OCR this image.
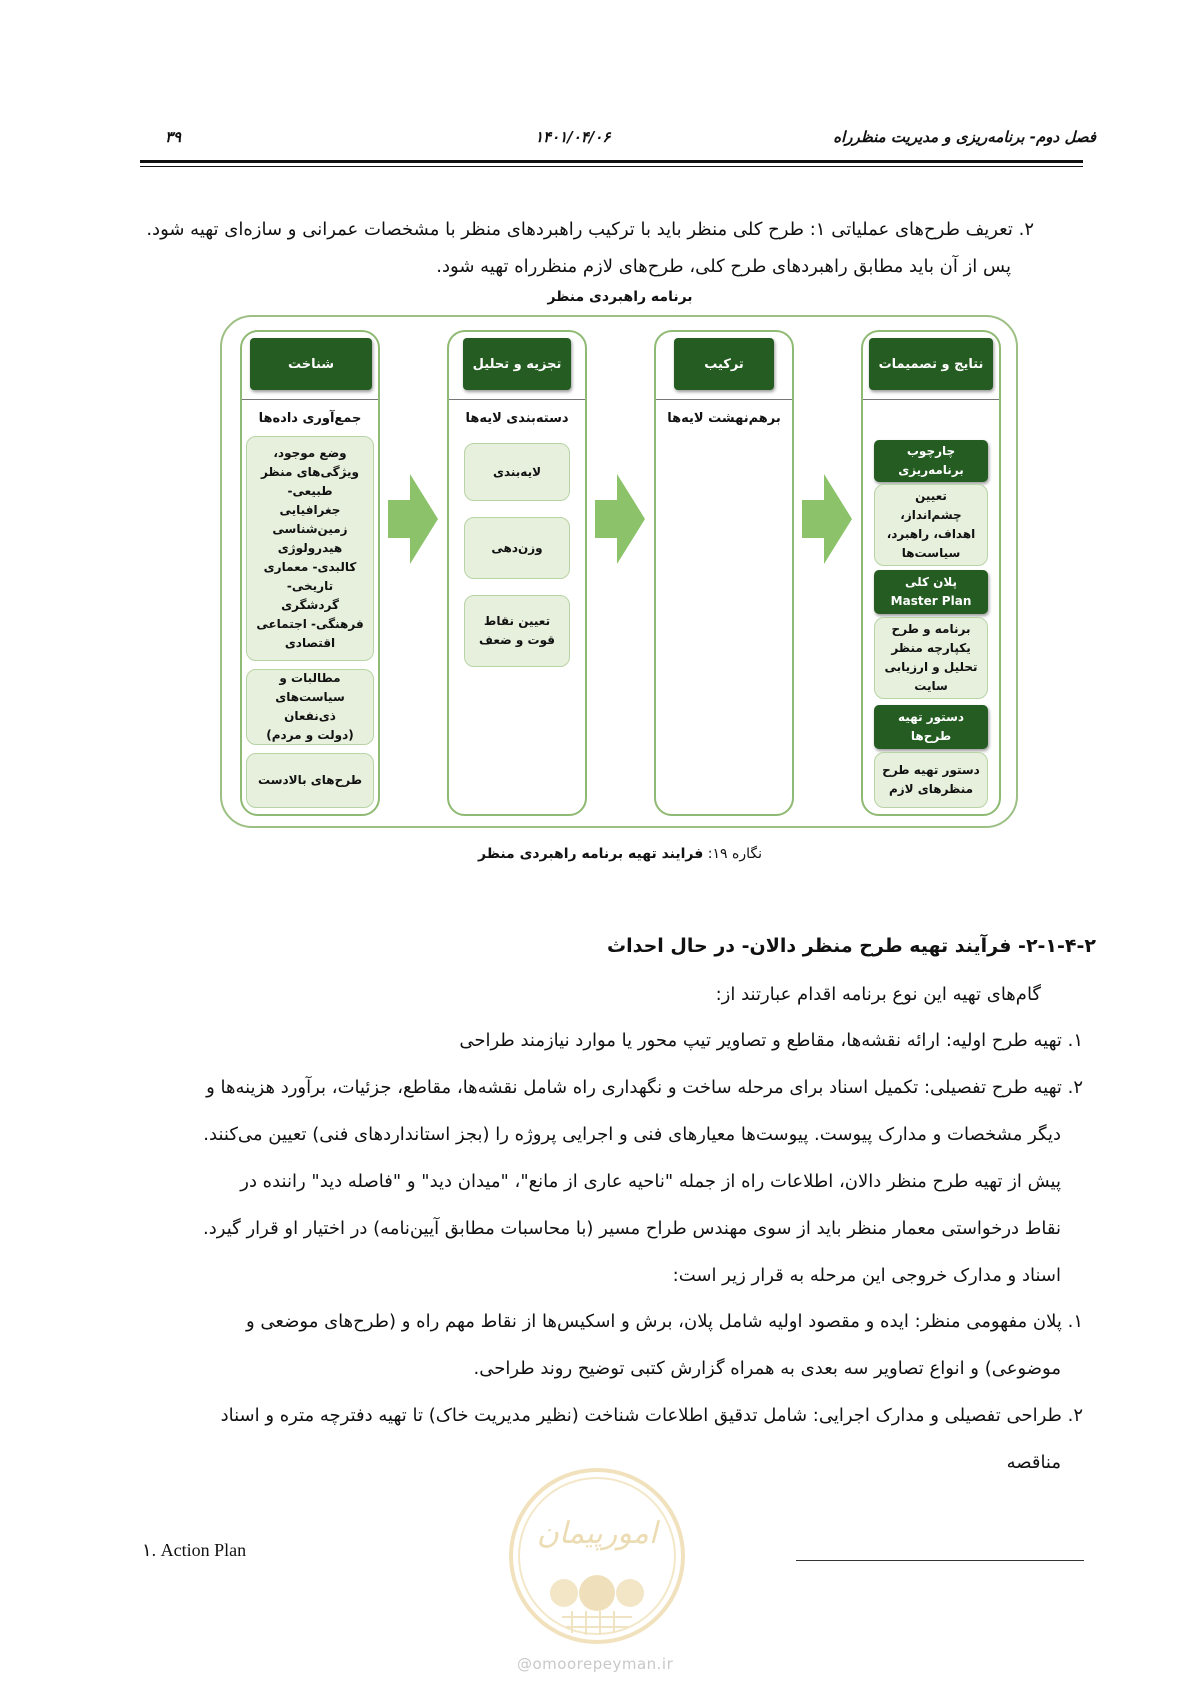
فصل دوم- برنامه‌ریزی و مدیریت منظرراه
۱۴۰۱/۰۴/۰۶
۳۹
۲. تعریف طرح‌های عملیاتی‌ ۱: طرح کلی منظر باید با ترکیب راهبردهای منظر با مشخصات عمرانی و سازه‌ای تهیه شود.
پس از آن باید مطابق راهبردهای طرح کلی، طرح‌های لازم منظرراه تهیه شود.
برنامه راهبردی منظر
شناخت
جمع‌آوری داده‌ها
وضع موجود،
ویژگی‌های منظر
طبیعی-
جغرافیایی
زمین‌شناسی
هیدرولوژی
کالبدی- معماری
تاریخی-
گردشگری
فرهنگی- اجتماعی
اقتصادی
مطالبات و سیاست‌های
ذی‌نفعان
(دولت و مردم)
طرح‌های بالادست
تجزیه و تحلیل
دسته‌بندی لایه‌ها
لایه‌بندی
وزن‌دهی
تعیین نقاط
قوت و ضعف
ترکیب
برهم‌نهشت لایه‌ها
نتایج و تصمیمات
چارچوب
برنامه‌ریزی
تعیین
چشم‌انداز،
اهداف، راهبرد،
سیاست‌ها
پلان کلی
Master Plan
برنامه و طرح
یکپارچه منظر
تحلیل و ارزیابی
سایت
دستور تهیه
طرح‌ها
دستور تهیه طرح
منظرهای لازم
نگاره ۱۹: فرایند تهیه برنامه راهبردی منظر
۲-۱-۴-۲- فرآیند تهیه طرح منظر دالان- در حال احداث
گام‌های تهیه این نوع برنامه اقدام عبارتند از:
۱. تهیه طرح اولیه: ارائه نقشه‌ها، مقاطع و تصاویر تیپ محور یا موارد نیازمند طراحی
۲. تهیه طرح تفصیلی: تکمیل اسناد برای مرحله ساخت و نگهداری راه شامل نقشه‌ها، مقاطع، جزئیات، برآورد هزینه‌ها و
دیگر مشخصات و مدارک پیوست. پیوست‌ها معیارهای فنی و اجرایی پروژه را (بجز استانداردهای فنی) تعیین می‌کنند.
پیش از تهیه طرح منظر دالان، اطلاعات راه از جمله "ناحیه عاری از مانع"، "میدان دید" و "فاصله دید" راننده در
نقاط درخواستی معمار منظر باید از سوی مهندس طراح مسیر (با محاسبات مطابق آیین‌نامه) در اختیار او قرار گیرد.
اسناد و مدارک خروجی این مرحله به قرار زیر است:
۱. پلان مفهومی منظر: ایده و مقصود اولیه شامل پلان، برش و اسکیس‌ها از نقاط مهم راه و (طرح‌های موضعی و
موضوعی) و انواع تصاویر سه بعدی به همراه گزارش کتبی توضیح روند طراحی.
۲. طراحی تفصیلی و مدارک اجرایی: شامل تدقیق اطلاعات شناخت (نظیر مدیریت خاک) تا تهیه دفترچه متره و اسناد
مناقصه
امورپیمان
@omoorepeyman.ir
۱. Action Plan
